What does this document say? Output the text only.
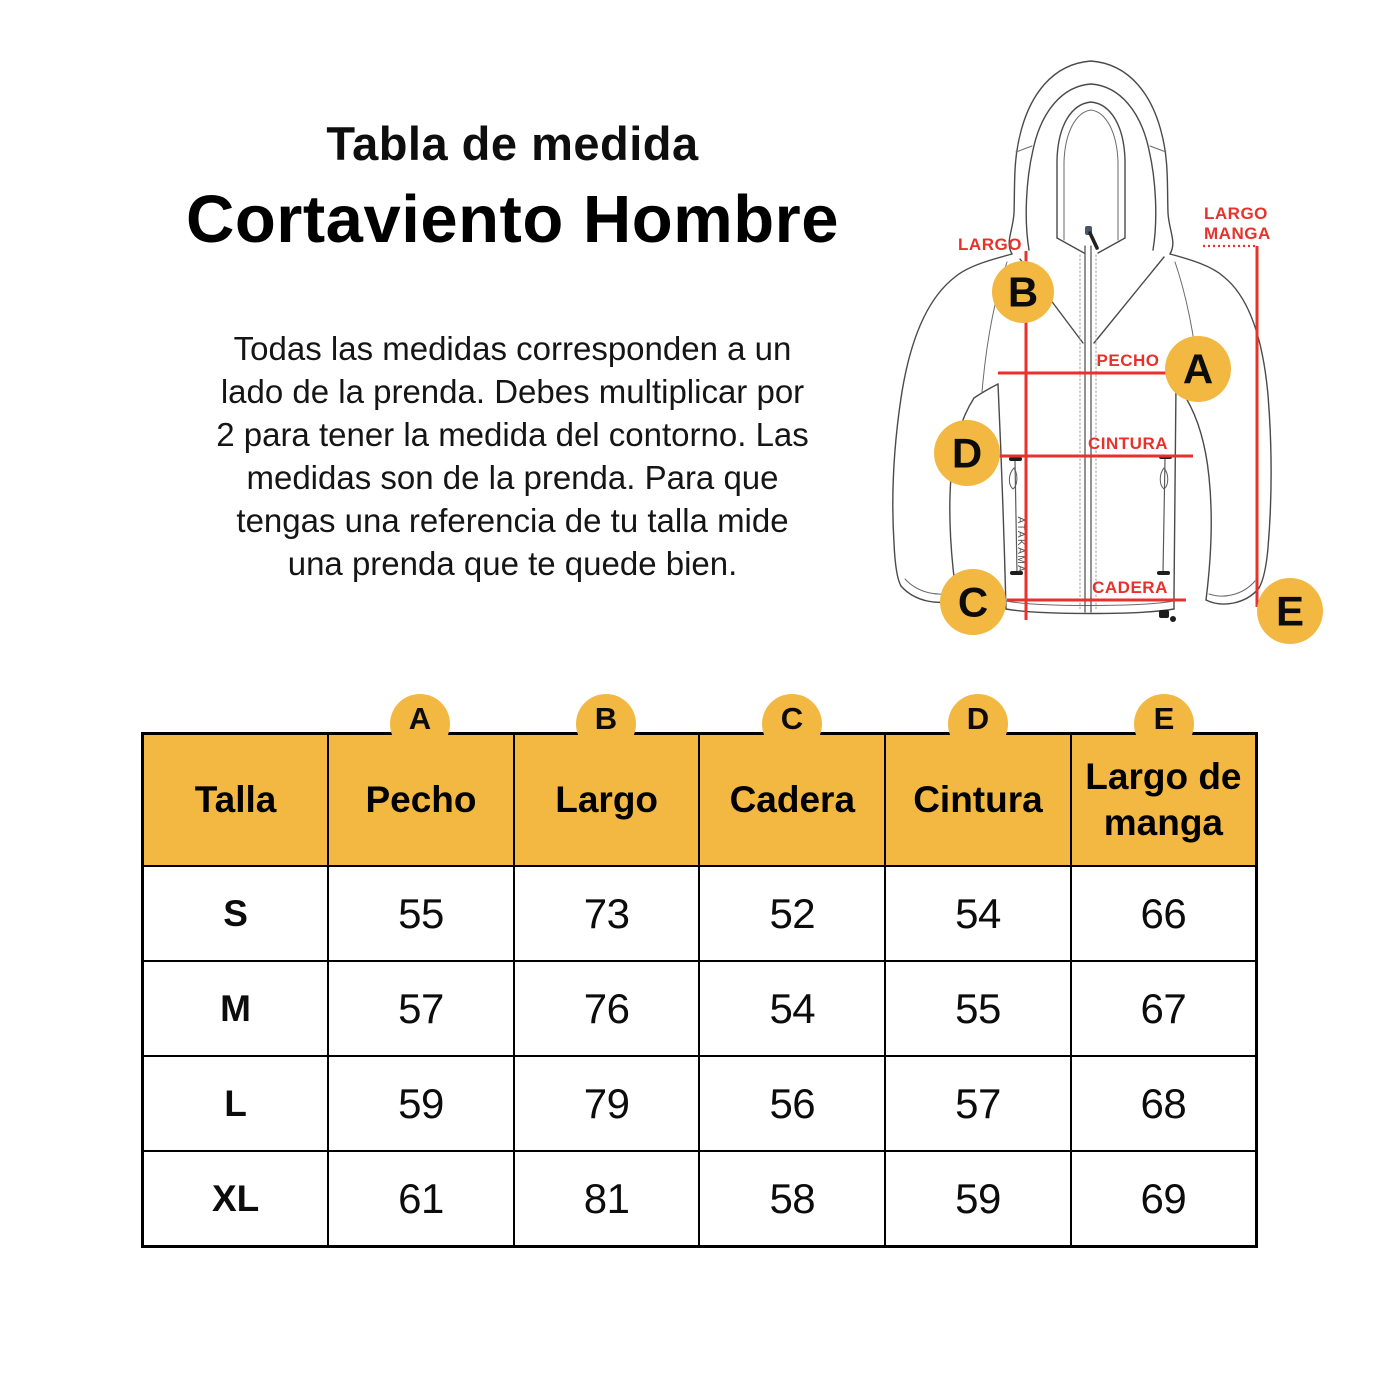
Tabla de medida
Cortaviento Hombre
Todas las medidas corresponden a un
lado de la prenda. Debes multiplicar por
2 para tener la medida del contorno. Las
medidas son de la prenda. Para que
tengas una referencia de tu talla mide
una prenda que te quede bien.	ATAKAMA
LARGO
LARGO
MANGA
PECHO
CINTURA
CADERA
B
A
D
C	E
A	B	C	D	E
Talla	Pecho	Largo	Cadera	Cintura	Largo de manga
S	55	73	52	54	66
M	57	76	54	55	67
L	59	79	56	57	68
XL	61	81	58	59	69
